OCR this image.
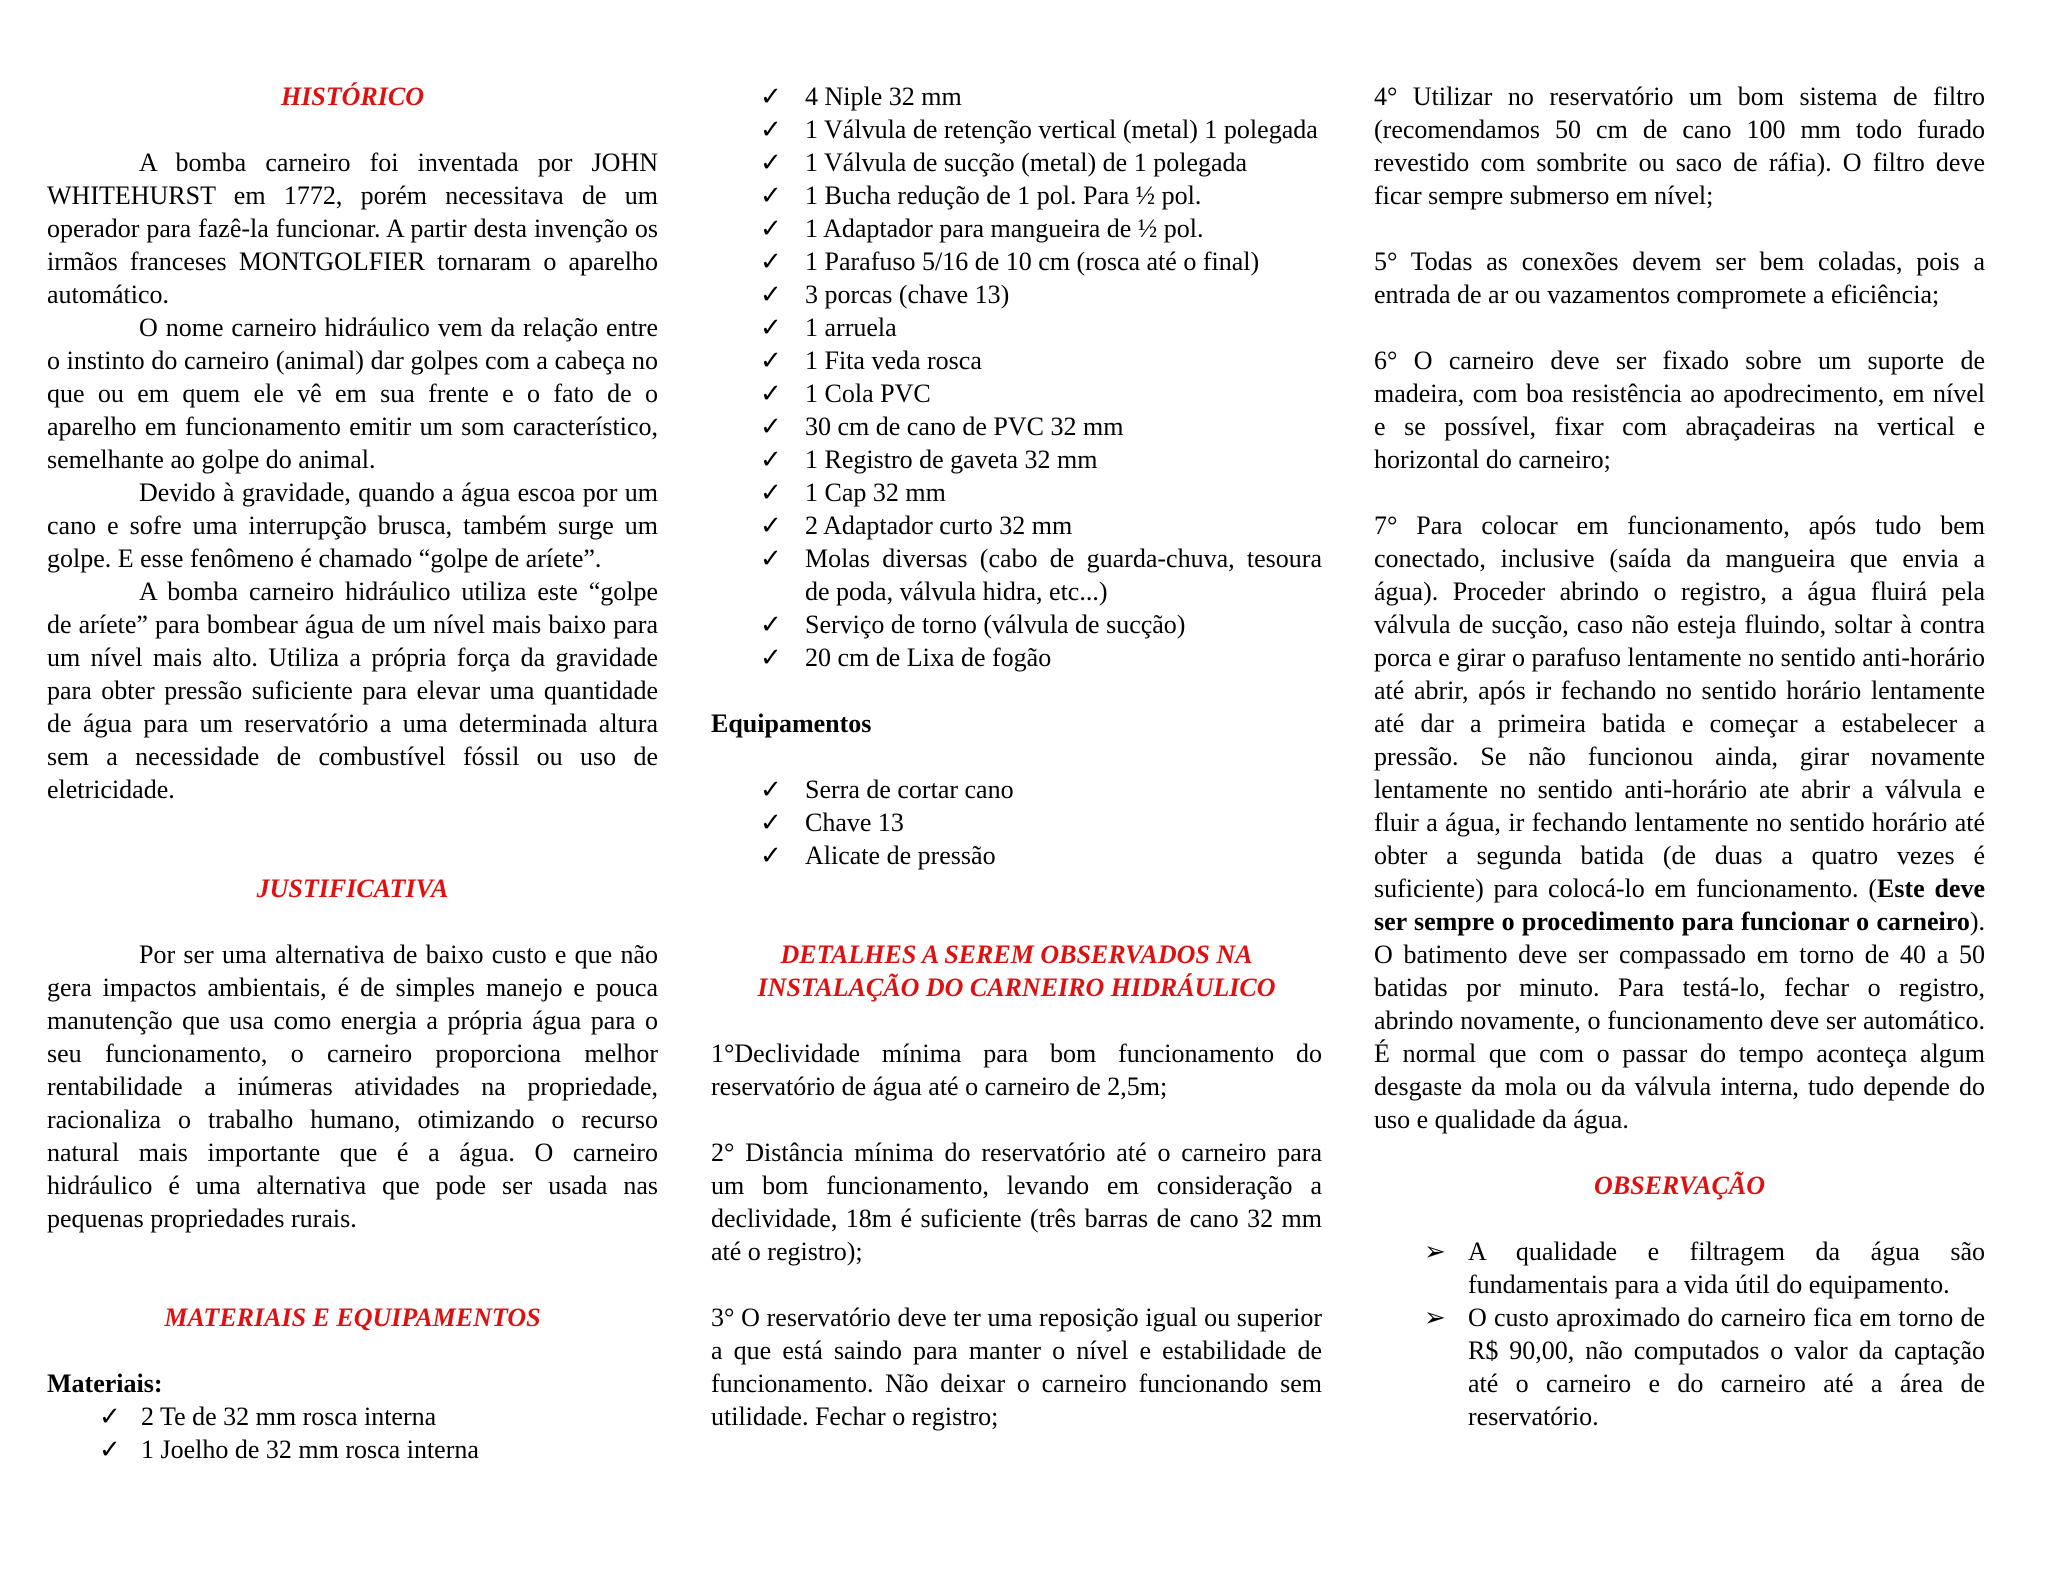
HISTÓRICO

A bomba carneiro foi inventada por JOHN WHITEHURST em 1772, porém necessitava de um operador para fazê-la funcionar. A partir desta invenção os irmãos franceses MONTGOLFIER tornaram o aparelho automático.

O nome carneiro hidráulico vem da relação entre o instinto do carneiro (animal) dar golpes com a cabeça no que ou em quem ele vê em sua frente e o fato de o aparelho em funcionamento emitir um som característico, semelhante ao golpe do animal.

Devido à gravidade, quando a água escoa por um cano e sofre uma interrupção brusca, também surge um golpe. E esse fenômeno é chamado “golpe de aríete”.

A bomba carneiro hidráulico utiliza este “golpe de aríete” para bombear água de um nível mais baixo para um nível mais alto. Utiliza a própria força da gravidade para obter pressão suficiente para elevar uma quantidade de água para um reservatório a uma determinada altura sem a necessidade de combustível fóssil ou uso de eletricidade.

JUSTIFICATIVA

Por ser uma alternativa de baixo custo e que não gera impactos ambientais, é de simples manejo e pouca manutenção que usa como energia a própria água para o seu funcionamento, o carneiro proporciona melhor rentabilidade a inúmeras atividades na propriedade, racionaliza o trabalho humano, otimizando o recurso natural mais importante que é a água. O carneiro hidráulico é uma alternativa que pode ser usada nas pequenas propriedades rurais.

MATERIAIS E EQUIPAMENTOS

Materiais:

✓ 2 Te de 32 mm rosca interna
✓ 1 Joelho de 32 mm rosca interna
✓ 4 Niple 32 mm
✓ 1 Válvula de retenção vertical (metal) 1 polegada
✓ 1 Válvula de sucção (metal) de 1 polegada
✓ 1 Bucha redução de 1 pol. Para ½ pol.
✓ 1 Adaptador para mangueira de ½ pol.
✓ 1 Parafuso 5/16 de 10 cm (rosca até o final)
✓ 3 porcas (chave 13)
✓ 1 arruela
✓ 1 Fita veda rosca
✓ 1 Cola PVC
✓ 30 cm de cano de PVC 32 mm
✓ 1 Registro de gaveta 32 mm
✓ 1 Cap 32 mm
✓ 2 Adaptador curto 32 mm
✓ Molas diversas (cabo de guarda-chuva, tesoura de poda, válvula hidra, etc...)
✓ Serviço de torno (válvula de sucção)
✓ 20 cm de Lixa de fogão

Equipamentos

✓ Serra de cortar cano
✓ Chave 13
✓ Alicate de pressão
DETALHES A SEREM OBSERVADOS NA
INSTALAÇÃO DO CARNEIRO HIDRÁULICO

1°Declividade mínima para bom funcionamento do reservatório de água até o carneiro de 2,5m;

2° Distância mínima do reservatório até o carneiro para um bom funcionamento, levando em consideração a declividade, 18m é suficiente (três barras de cano 32 mm até o registro);

3° O reservatório deve ter uma reposição igual ou superior a que está saindo para manter o nível e estabilidade de funcionamento. Não deixar o carneiro funcionando sem utilidade. Fechar o registro;

4° Utilizar no reservatório um bom sistema de filtro (recomendamos 50 cm de cano 100 mm todo furado revestido com sombrite ou saco de ráfia). O filtro deve ficar sempre submerso em nível;

5° Todas as conexões devem ser bem coladas, pois a entrada de ar ou vazamentos compromete a eficiência;

6° O carneiro deve ser fixado sobre um suporte de madeira, com boa resistência ao apodrecimento, em nível e se possível, fixar com abraçadeiras na vertical e horizontal do carneiro;

7° Para colocar em funcionamento, após tudo bem conectado, inclusive (saída da mangueira que envia a água). Proceder abrindo o registro, a água fluirá pela válvula de sucção, caso não esteja fluindo, soltar à contra porca e girar o parafuso lentamente no sentido anti-horário até abrir, após ir fechando no sentido horário lentamente até dar a primeira batida e começar a estabelecer a pressão. Se não funcionou ainda, girar novamente lentamente no sentido anti-horário ate abrir a válvula e fluir a água, ir fechando lentamente no sentido horário até obter a segunda batida (de duas a quatro vezes é suficiente) para colocá-lo em funcionamento. (Este deve ser sempre o procedimento para funcionar o carneiro). O batimento deve ser compassado em torno de 40 a 50 batidas por minuto. Para testá-lo, fechar o registro, abrindo novamente, o funcionamento deve ser automático. É normal que com o passar do tempo aconteça algum desgaste da mola ou da válvula interna, tudo depende do uso e qualidade da água.

OBSERVAÇÃO
➢ A qualidade e filtragem da água são fundamentais para a vida útil do equipamento.
➢ O custo aproximado do carneiro fica em torno de R$ 90,00, não computados o valor da captação até o carneiro e do carneiro até a área de reservatório.
